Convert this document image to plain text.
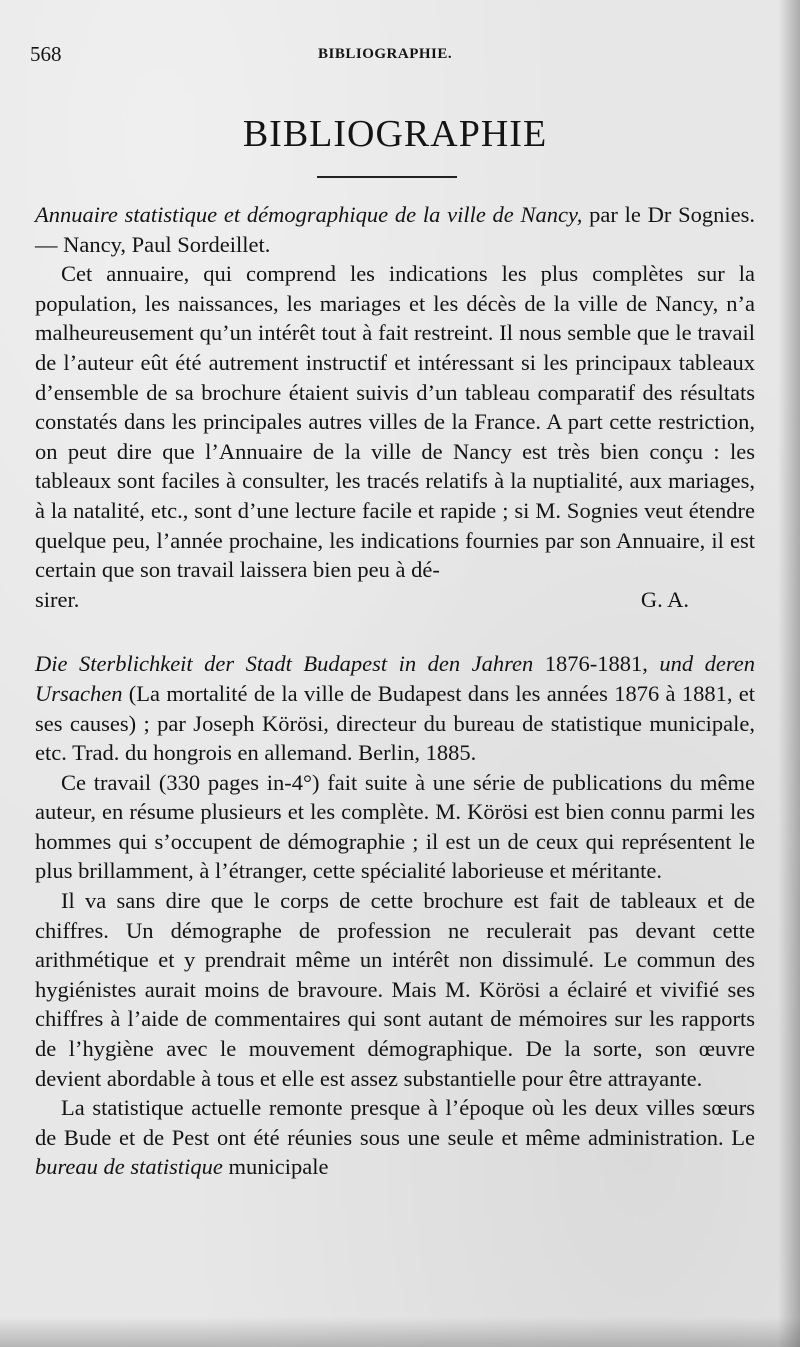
568	BIBLIOGRAPHIE.
BIBLIOGRAPHIE

Annuaire statistique et démographique de la ville de Nancy, par le Dr Sognies. — Nancy, Paul Sordeillet.

Cet annuaire, qui comprend les indications les plus complètes sur la population, les naissances, les mariages et les décès de la ville de Nancy, n’a malheureusement qu’un intérêt tout à fait restreint. Il nous semble que le travail de l’auteur eût été autrement instructif et intéressant si les principaux tableaux d’ensemble de sa brochure étaient suivis d’un tableau comparatif des résultats constatés dans les principales autres villes de la France. A part cette restriction, on peut dire que l’Annuaire de la ville de Nancy est très bien conçu : les tableaux sont faciles à consulter, les tracés relatifs à la nuptialité, aux mariages, à la natalité, etc., sont d’une lecture facile et rapide ; si M. Sognies veut étendre quelque peu, l’année prochaine, les indications fournies par son Annuaire, il est certain que son travail laissera bien peu à dé-

sirer.	G. A.

Die Sterblichkeit der Stadt Budapest in den Jahren 1876-1881, und deren Ursachen (La mortalité de la ville de Budapest dans les années 1876 à 1881, et ses causes) ; par Joseph Körösi, directeur du bureau de statistique municipale, etc. Trad. du hongrois en allemand. Berlin, 1885.

Ce travail (330 pages in-4°) fait suite à une série de publications du même auteur, en résume plusieurs et les complète. M. Körösi est bien connu parmi les hommes qui s’occupent de démographie ; il est un de ceux qui représentent le plus brillamment, à l’étranger, cette spécialité laborieuse et méritante.

Il va sans dire que le corps de cette brochure est fait de tableaux et de chiffres. Un démographe de profession ne reculerait pas devant cette arithmétique et y prendrait même un intérêt non dissimulé. Le commun des hygiénistes aurait moins de bravoure. Mais M. Körösi a éclairé et vivifié ses chiffres à l’aide de commentaires qui sont autant de mémoires sur les rapports de l’hygiène avec le mouvement démographique. De la sorte, son œuvre devient abordable à tous et elle est assez substantielle pour être attrayante.

La statistique actuelle remonte presque à l’époque où les deux villes sœurs de Bude et de Pest ont été réunies sous une seule et même administration. Le bureau de statistique municipale
